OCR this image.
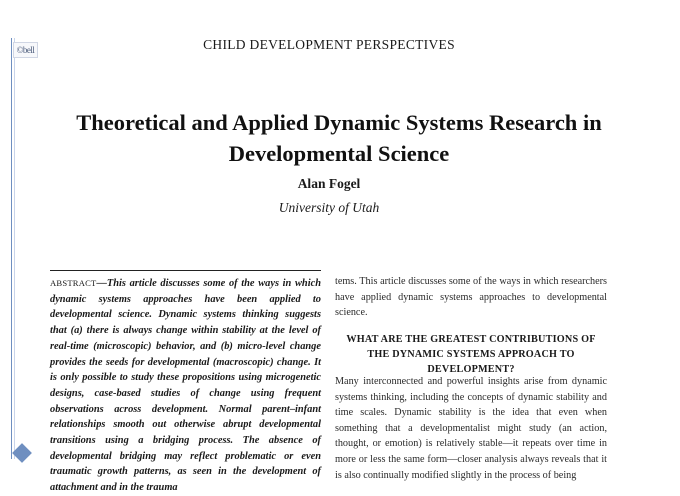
©bell	CHILD DEVELOPMENT PERSPECTIVES
Theoretical and Applied Dynamic Systems Research in Developmental Science
Alan Fogel
University of Utah
ABSTRACT—This article discusses some of the ways in which dynamic systems approaches have been applied to developmental science. Dynamic systems thinking suggests that (a) there is always change within stability at the level of real-time (microscopic) behavior, and (b) micro-level change provides the seeds for developmental (macroscopic) change. It is only possible to study these propositions using microgenetic designs, case-based studies of change using frequent observations across development. Normal parent–infant relationships smooth out otherwise abrupt developmental transitions using a bridging process. The absence of developmental bridging may reflect problematic or even traumatic growth patterns, as seen in the development of attachment and in the trauma
tems. This article discusses some of the ways in which researchers have applied dynamic systems approaches to developmental science.
WHAT ARE THE GREATEST CONTRIBUTIONS OF THE DYNAMIC SYSTEMS APPROACH TO DEVELOPMENT?
Many interconnected and powerful insights arise from dynamic systems thinking, including the concepts of dynamic stability and time scales. Dynamic stability is the idea that even when something that a developmentalist might study (an action, thought, or emotion) is relatively stable—it repeats over time in more or less the same form—closer analysis always reveals that it is also continually modified slightly in the process of being
